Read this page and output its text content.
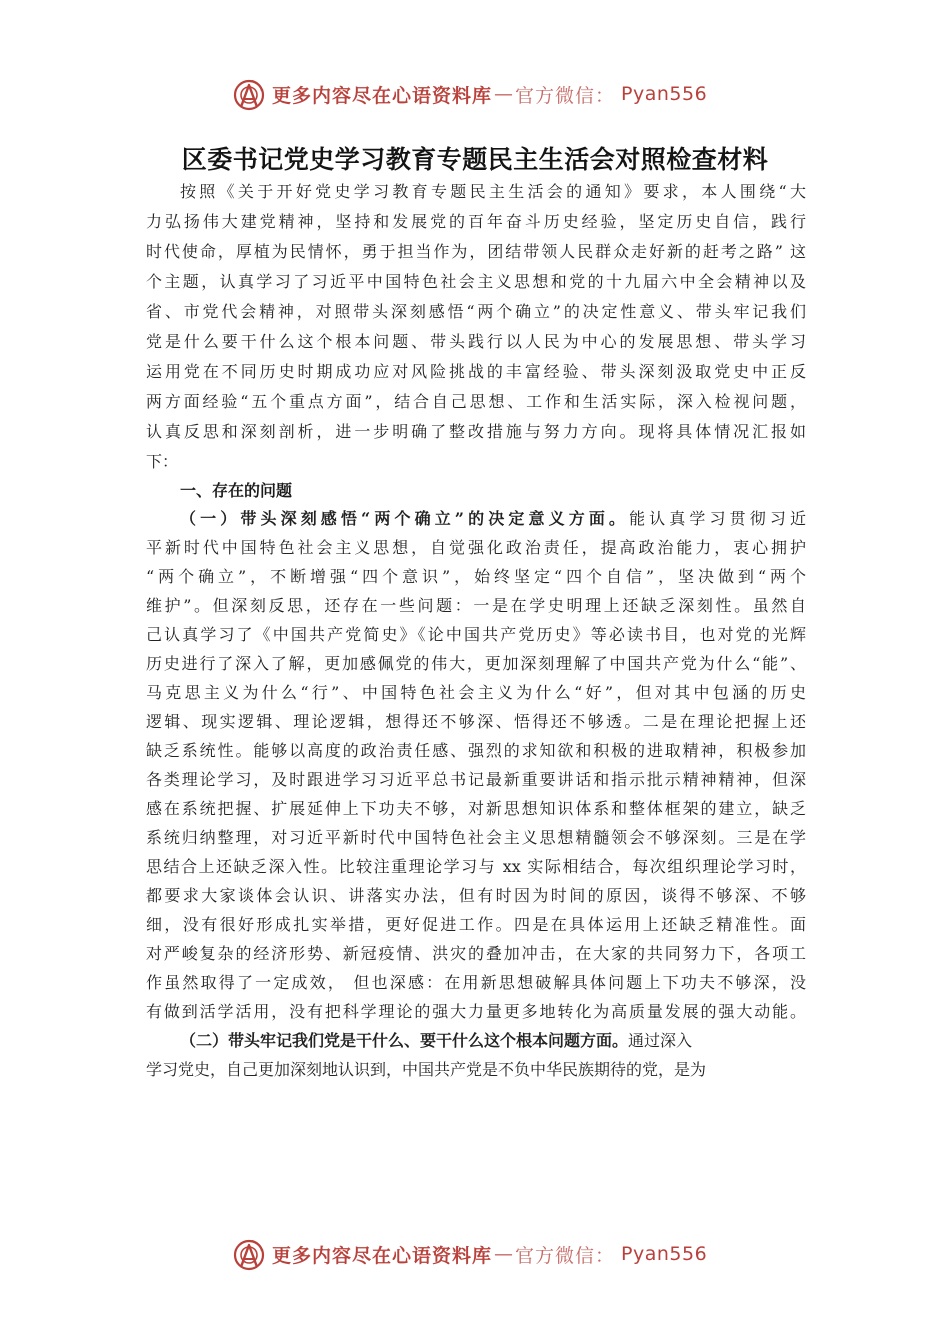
更多内容尽在心语资料库 — 官方微信： Pyan556
区委书记党史学习教育专题民主生活会对照检查材料
按照《关于开好党史学习教育专题民主生活会的通知》要求，本人围绕“大
力弘扬伟大建党精神，坚持和发展党的百年奋斗历史经验，坚定历史自信，践行
时代使命，厚植为民情怀，勇于担当作为，团结带领人民群众走好新的赶考之路” 这
个主题，认真学习了习近平中国特色社会主义思想和党的十九届六中全会精神以及
省、市党代会精神，对照带头深刻感悟“两个确立”的决定性意义、带头牢记我们
党是什么要干什么这个根本问题、带头践行以人民为中心的发展思想、带头学习
运用党在不同历史时期成功应对风险挑战的丰富经验、带头深刻汲取党史中正反
两方面经验“五个重点方面”，结合自己思想、工作和生活实际，深入检视问题，
认真反思和深刻剖析，进一步明确了整改措施与努力方向。现将具体情况汇报如
下：
一、存在的问题
（一）带头深刻感悟“两个确立”的决定意义方面。能认真学习贯彻习近
平新时代中国特色社会主义思想，自觉强化政治责任，提高政治能力，衷心拥护
“两个确立”，不断增强“四个意识”，始终坚定“四个自信”，坚决做到“两个
维护”。但深刻反思，还存在一些问题：一是在学史明理上还缺乏深刻性。虽然自
己认真学习了《中国共产党简史》《论中国共产党历史》等必读书目，也对党的光辉
历史进行了深入了解，更加感佩党的伟大，更加深刻理解了中国共产党为什么“能”、
马克思主义为什么“行”、中国特色社会主义为什么“好”，但对其中包涵的历史
逻辑、现实逻辑、理论逻辑，想得还不够深、悟得还不够透。二是在理论把握上还
缺乏系统性。能够以高度的政治责任感、强烈的求知欲和积极的进取精神，积极参加
各类理论学习，及时跟进学习习近平总书记最新重要讲话和指示批示精神精神，但深
感在系统把握、扩展延伸上下功夫不够，对新思想知识体系和整体框架的建立，缺乏
系统归纳整理，对习近平新时代中国特色社会主义思想精髓领会不够深刻。三是在学
思结合上还缺乏深入性。比较注重理论学习与 xx 实际相结合，每次组织理论学习时，
都要求大家谈体会认识、讲落实办法，但有时因为时间的原因，谈得不够深、不够
细，没有很好形成扎实举措，更好促进工作。四是在具体运用上还缺乏精准性。面
对严峻复杂的经济形势、新冠疫情、洪灾的叠加冲击，在大家的共同努力下，各项工
作虽然取得了一定成效， 但也深感：在用新思想破解具体问题上下功夫不够深，没
有做到活学活用，没有把科学理论的强大力量更多地转化为高质量发展的强大动能。
（二）带头牢记我们党是干什么、要干什么这个根本问题方面。通过深入
学习党史，自己更加深刻地认识到，中国共产党是不负中华民族期待的党，是为
更多内容尽在心语资料库 — 官方微信： Pyan556
